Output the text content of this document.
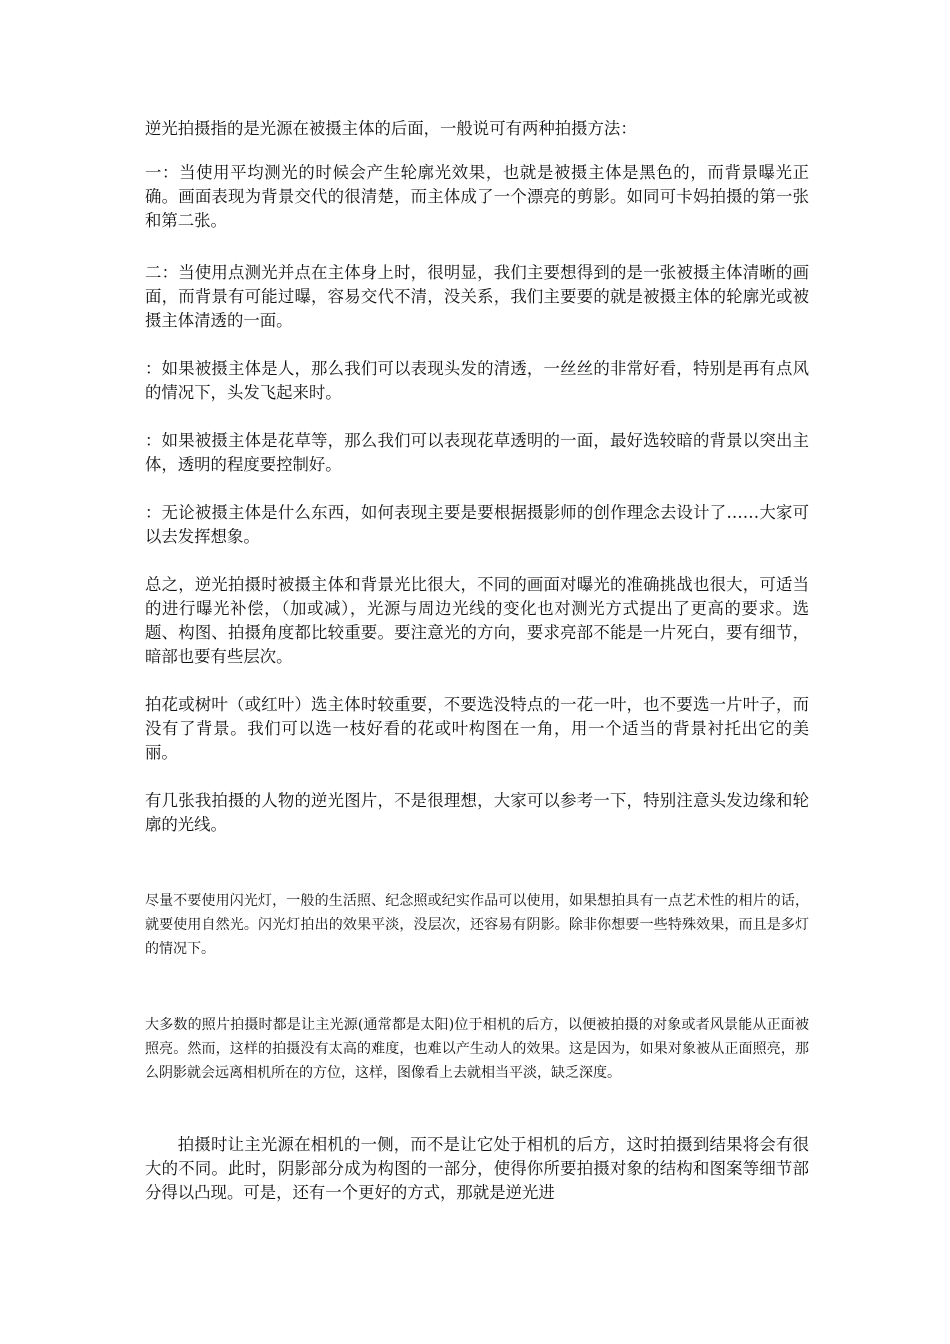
逆光拍摄指的是光源在被摄主体的后面，一般说可有两种拍摄方法：

一：当使用平均测光的时候会产生轮廓光效果，也就是被摄主体是黑色的，而背景曝光正确。画面表现为背景交代的很清楚，而主体成了一个漂亮的剪影。如同可卡妈拍摄的第一张和第二张。

二：当使用点测光并点在主体身上时，很明显，我们主要想得到的是一张被摄主体清晰的画面，而背景有可能过曝，容易交代不清，没关系，我们主要要的就是被摄主体的轮廓光或被摄主体清透的一面。

：如果被摄主体是人，那么我们可以表现头发的清透，一丝丝的非常好看，特别是再有点风的情况下，头发飞起来时。

：如果被摄主体是花草等，那么我们可以表现花草透明的一面，最好选较暗的背景以突出主体，透明的程度要控制好。

：无论被摄主体是什么东西，如何表现主要是要根据摄影师的创作理念去设计了……大家可以去发挥想象。

总之，逆光拍摄时被摄主体和背景光比很大，不同的画面对曝光的准确挑战也很大，可适当的进行曝光补偿，（加或减），光源与周边光线的变化也对测光方式提出了更高的要求。选题、构图、拍摄角度都比较重要。要注意光的方向，要求亮部不能是一片死白，要有细节，暗部也要有些层次。

拍花或树叶（或红叶）选主体时较重要，不要选没特点的一花一叶，也不要选一片叶子，而没有了背景。我们可以选一枝好看的花或叶构图在一角，用一个适当的背景衬托出它的美丽。

有几张我拍摄的人物的逆光图片，不是很理想，大家可以参考一下，特别注意头发边缘和轮廓的光线。

尽量不要使用闪光灯，一般的生活照、纪念照或纪实作品可以使用，如果想拍具有一点艺术性的相片的话，就要使用自然光。闪光灯拍出的效果平淡，没层次，还容易有阴影。除非你想要一些特殊效果，而且是多灯的情况下。

大多数的照片拍摄时都是让主光源(通常都是太阳)位于相机的后方，以便被拍摄的对象或者风景能从正面被照亮。然而，这样的拍摄没有太高的难度，也难以产生动人的效果。这是因为，如果对象被从正面照亮，那么阴影就会远离相机所在的方位，这样，图像看上去就相当平淡，缺乏深度。

拍摄时让主光源在相机的一侧，而不是让它处于相机的后方，这时拍摄到结果将会有很大的不同。此时，阴影部分成为构图的一部分，使得你所要拍摄对象的结构和图案等细节部分得以凸现。可是，还有一个更好的方式，那就是逆光进
